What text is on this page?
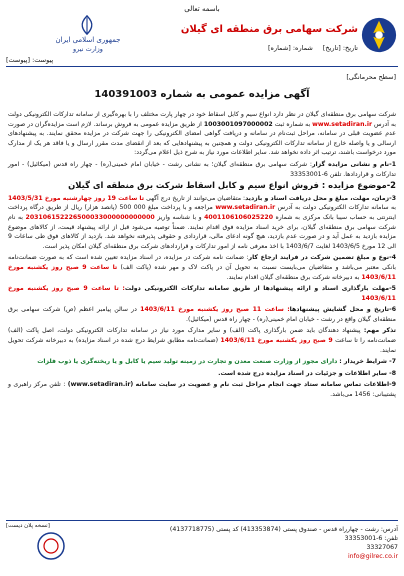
باسمه تعالی
شرکت سهامی برق منطقه ای گیلان
تاریخ: [تاریخ]
شماره: [شماره]
جمهوری اسلامی ایران
وزارت نیرو
پیوست: [پیوست]
[سطح محرمانگی]
آگهی مزایده عمومی به شماره 140391003

شرکت سهامی برق منطقه‌ای گیلان در نظر دارد انواع سیم و کابل اسقاط خود در چهار پارت مختلف را با بهره‌گیری از سامانه تدارکات الکترونیکی دولت به آدرس www.setadiran.ir به شماره ثبت 1003001097000002 از طریق مزایده عمومی به فروش برساند. لازم است مزایده‌گران در صورت عدم عضویت قبلی در سامانه، مراحل ثبت‌نام در سامانه و دریافت گواهی امضای الکترونیکی را جهت شرکت در مزایده محقق نمایند. به پیشنهادهای ارسالی و یا واصله خارج از سامانه تدارکات الکترونیکی دولت و همچنین به پیشنهادهایی که بعد از انقضای مدت مقرر ارسال و یا فاقد هر یک از مدارک مورد درخواست باشند، ترتیب اثر داده نخواهد شد. سایر اطلاعات مورد نیاز به شرح ذیل اعلام می‌گردد:

1-نام و نشانی مزایده گزار: شرکت سهامی برق منطقه‌ای گیلان؛ به نشانی رشت - خیابان امام خمینی(ره) - چهار راه قدس (میکائیل) - امور تدارکات و قراردادها. تلفن 6-33353001

2-موضوع مزایده : فروش انواع سیم و کابل اسقاط شرکت برق منطقه ای گیلان

3-زمان، مهلت، مبلغ و محل دریافت اسناد و بازدید: متقاضیان می‌توانند از تاریخ درج آگهی تا ساعت 19 روز چهارشنبه مورخ 1403/5/31 به سامانه تدارکات الکترونیکی دولت به آدرس www.setadiran.ir مراجعه و با پرداخت مبلغ 000 500 (پانصد هزار) ریال از طریق درگاه پرداخت اینترنتی به حساب سیبا بانک مرکزی به شماره 4001106106025220 و با شناسه واریز 203106152226500033000000000000 به نام شرکت سهامی برق منطقه‌ای گیلان، برای خرید اسناد مزایده فوق اقدام نمایند. ضمناً توصیه می‌شود قبل از ارائه پیشنهاد قیمت، از کالاهای موضوع مزایده بازدید به عمل آید و در صورت عدم بازدید، هیچ گونه ادعای مالی، قراردادی و حقوقی پذیرفته نخواهد شد. بازدید از کالاهای فوق طی ساعات 9 الی 12 مورخ 1403/6/5 لغایت 1403/6/7 با اخذ معرفی نامه از امور تدارکات و قراردادهای شرکت برق منطقه‌ای گیلان امکان پذیر است.

4-نوع و مبلغ تضمین شرکت در فرایند ارجاع کار: ضمانت نامه شرکت در مزایده، در اسناد مزایده تعیین شده است که به صورت ضمانت‌نامه بانکی معتبر می‌باشد و متقاضیان می‌بایست نسبت به تحویل آن در پاکت لاک و مهر شده (پاکت الف) تا ساعت 9 صبح روز یکشنبه مورخ 1403/6/11 به دبیرخانه شرکت برق منطقه‌ای گیلان اقدام نمایند.

5-مهلت بارگذاری اسناد و ارائه پیشنهادها از طریق سامانه تدارکات الکترونیکی دولت: تا ساعت 9 صبح روز یکشنبه مورخ 1403/6/11

6-تاریخ و محل گشایش پیشنهادها: ساعت 11 صبح روز یکشنبه مورخ 1403/6/11 در سالن پیامبر اعظم (ص) شرکت سهامی برق منطقه‌ای گیلان واقع در رشت - خیابان امام خمینی(ره) - چهار راه قدس (میکائیل).

تذکر مهم: پیشنهاد دهندگان باید ضمن بارگذاری پاکت (الف) و سایر مدارک مورد نیاز در سامانه تدارکات الکترونیکی دولت، اصل پاکت (الف) ضمانت‌نامه را تا ساعت 9 صبح روز یکشنبه مورخ 1403/6/11 (ضمانت‌نامه مطابق شرایط درج شده در اسناد مزایده) به دبیرخانه شرکت تحویل نمایند.

7- شرایط خریدار : دارای مجوز از وزارت صنعت معدن و تجارت در زمینه تولید سیم یا کابل و یا ریخته‌گری یا ذوب فلزات

8- سایر اطلاعات و جزئیات در اسناد مزایده درج شده است.

9-اطلاعات تماس سامانه ستاد جهت انجام مراحل ثبت نام و عضویت در سایت سامانه (www.setadiran.ir) : تلفن مرکز راهبری و پشتیبانی: 1456 می‌باشد.

آدرس: رشت - چهارراه قدس - صندوق پستی (413353874) کد پستی (4137718775)
تلفن: 6-33353001
33327067
info@gilrec.co.ir
[نسخه پلان دیست]
